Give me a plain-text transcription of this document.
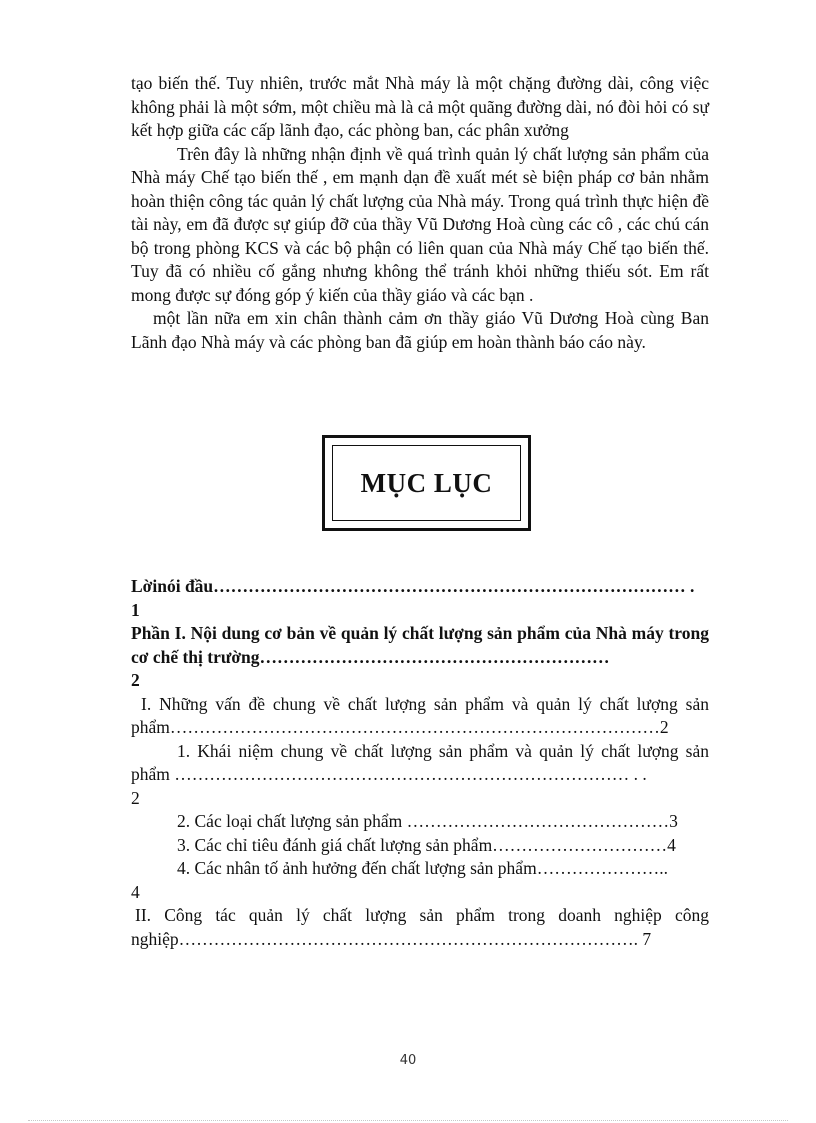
tạo biến thế. Tuy nhiên, trước mắt Nhà máy là một chặng đường dài, công việc không phải là một sớm, một chiều mà là cả một quãng đường dài, nó đòi hỏi có sự kết hợp giữa các cấp lãnh đạo, các phòng ban, các phân xưởng

Trên đây là những nhận định về quá trình quản lý chất lượng sản phẩm của Nhà máy Chế tạo biến thế , em mạnh dạn đề xuất mét sè biện pháp cơ bản nhằm hoàn thiện công tác quản lý chất lượng của Nhà máy. Trong quá trình thực hiện đề tài này, em đã được sự giúp đỡ của thầy Vũ Dương Hoà cùng các cô , các chú cán bộ trong phòng KCS và các bộ phận có liên quan của Nhà máy Chế tạo biến thế. Tuy đã có nhiều cố gắng nhưng không thể tránh khỏi những thiếu sót. Em rất mong được sự đóng góp ý kiến của thầy giáo và các bạn .

một lần nữa em xin chân thành cảm ơn thầy giáo Vũ Dương Hoà cùng Ban Lãnh đạo Nhà máy và các phòng ban đã giúp em hoàn thành báo cáo này.

MỤC LỤC

Lờinói đầu……………………………………………………………………… .

1

Phần I. Nội dung cơ bản về quản lý chất lượng sản phẩm của Nhà máy trong cơ chế thị trường……………………………………………………

2

I. Những vấn đề chung về chất lượng sản phẩm và quản lý chất lượng sản phẩm…………………………………………………………………………2

1. Khái niệm chung về chất lượng sản phẩm và quản lý chất lượng sản phẩm …………………………………………………………………… . .

2

2. Các loại chất lượng sản phẩm ………………………………………3

3. Các chỉ tiêu đánh giá chất lượng sản phẩm…………………………4

4. Các nhân tố ảnh hưởng đến chất lượng sản phẩm…………………..

4

II. Công tác quản lý chất lượng sản phẩm trong doanh nghiệp công nghiệp……………………………………………………………………. 7

40
